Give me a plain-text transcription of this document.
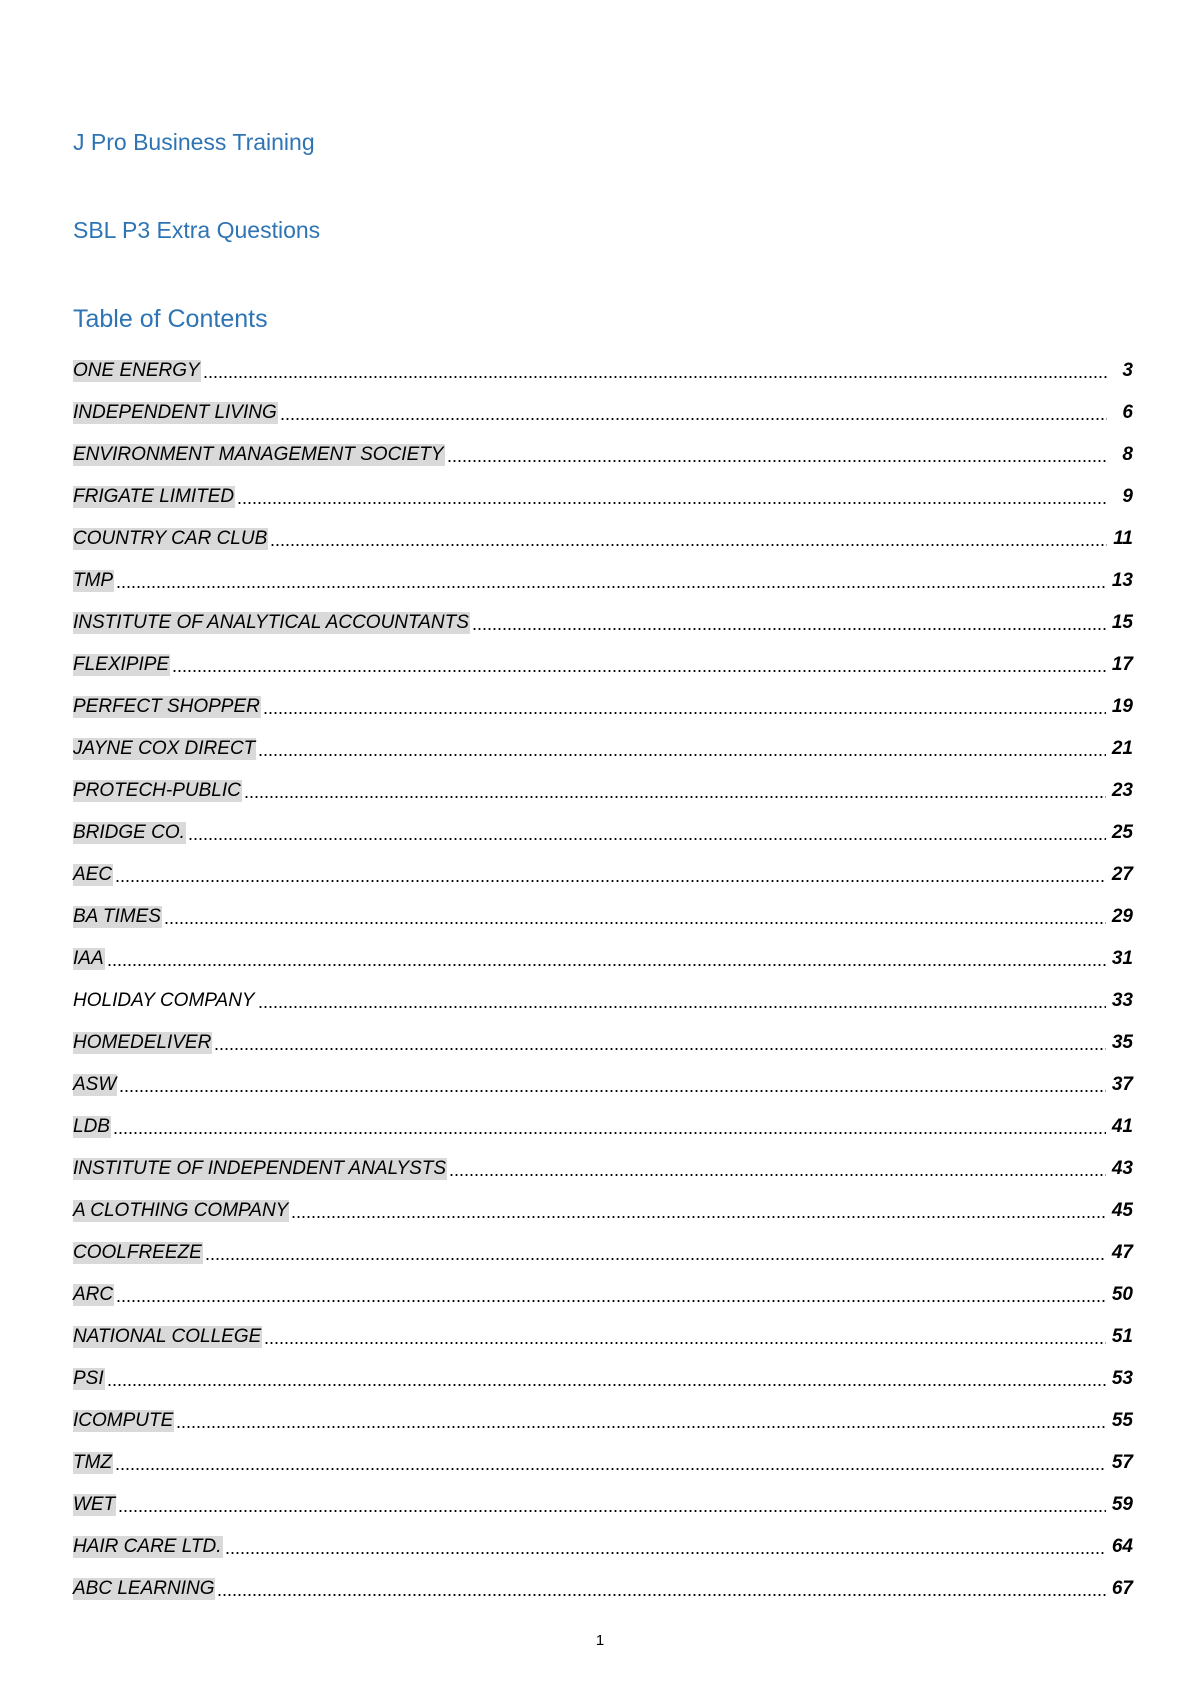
J Pro Business Training
SBL P3 Extra Questions
Table of Contents
ONE ENERGY	3
INDEPENDENT LIVING	6
ENVIRONMENT MANAGEMENT SOCIETY	8
FRIGATE LIMITED	9
COUNTRY CAR CLUB	11
TMP	13
INSTITUTE OF ANALYTICAL ACCOUNTANTS	15
FLEXIPIPE	17
PERFECT SHOPPER	19
JAYNE COX DIRECT	21
PROTECH-PUBLIC	23
BRIDGE CO.	25
AEC	27
BA TIMES	29
IAA	31
HOLIDAY COMPANY	33
HOMEDELIVER	35
ASW	37
LDB	41
INSTITUTE OF INDEPENDENT ANALYSTS	43
A CLOTHING COMPANY	45
COOLFREEZE	47
ARC	50
NATIONAL COLLEGE	51
PSI	53
ICOMPUTE	55
TMZ	57
WET	59
HAIR CARE LTD.	64
ABC LEARNING	67
1
